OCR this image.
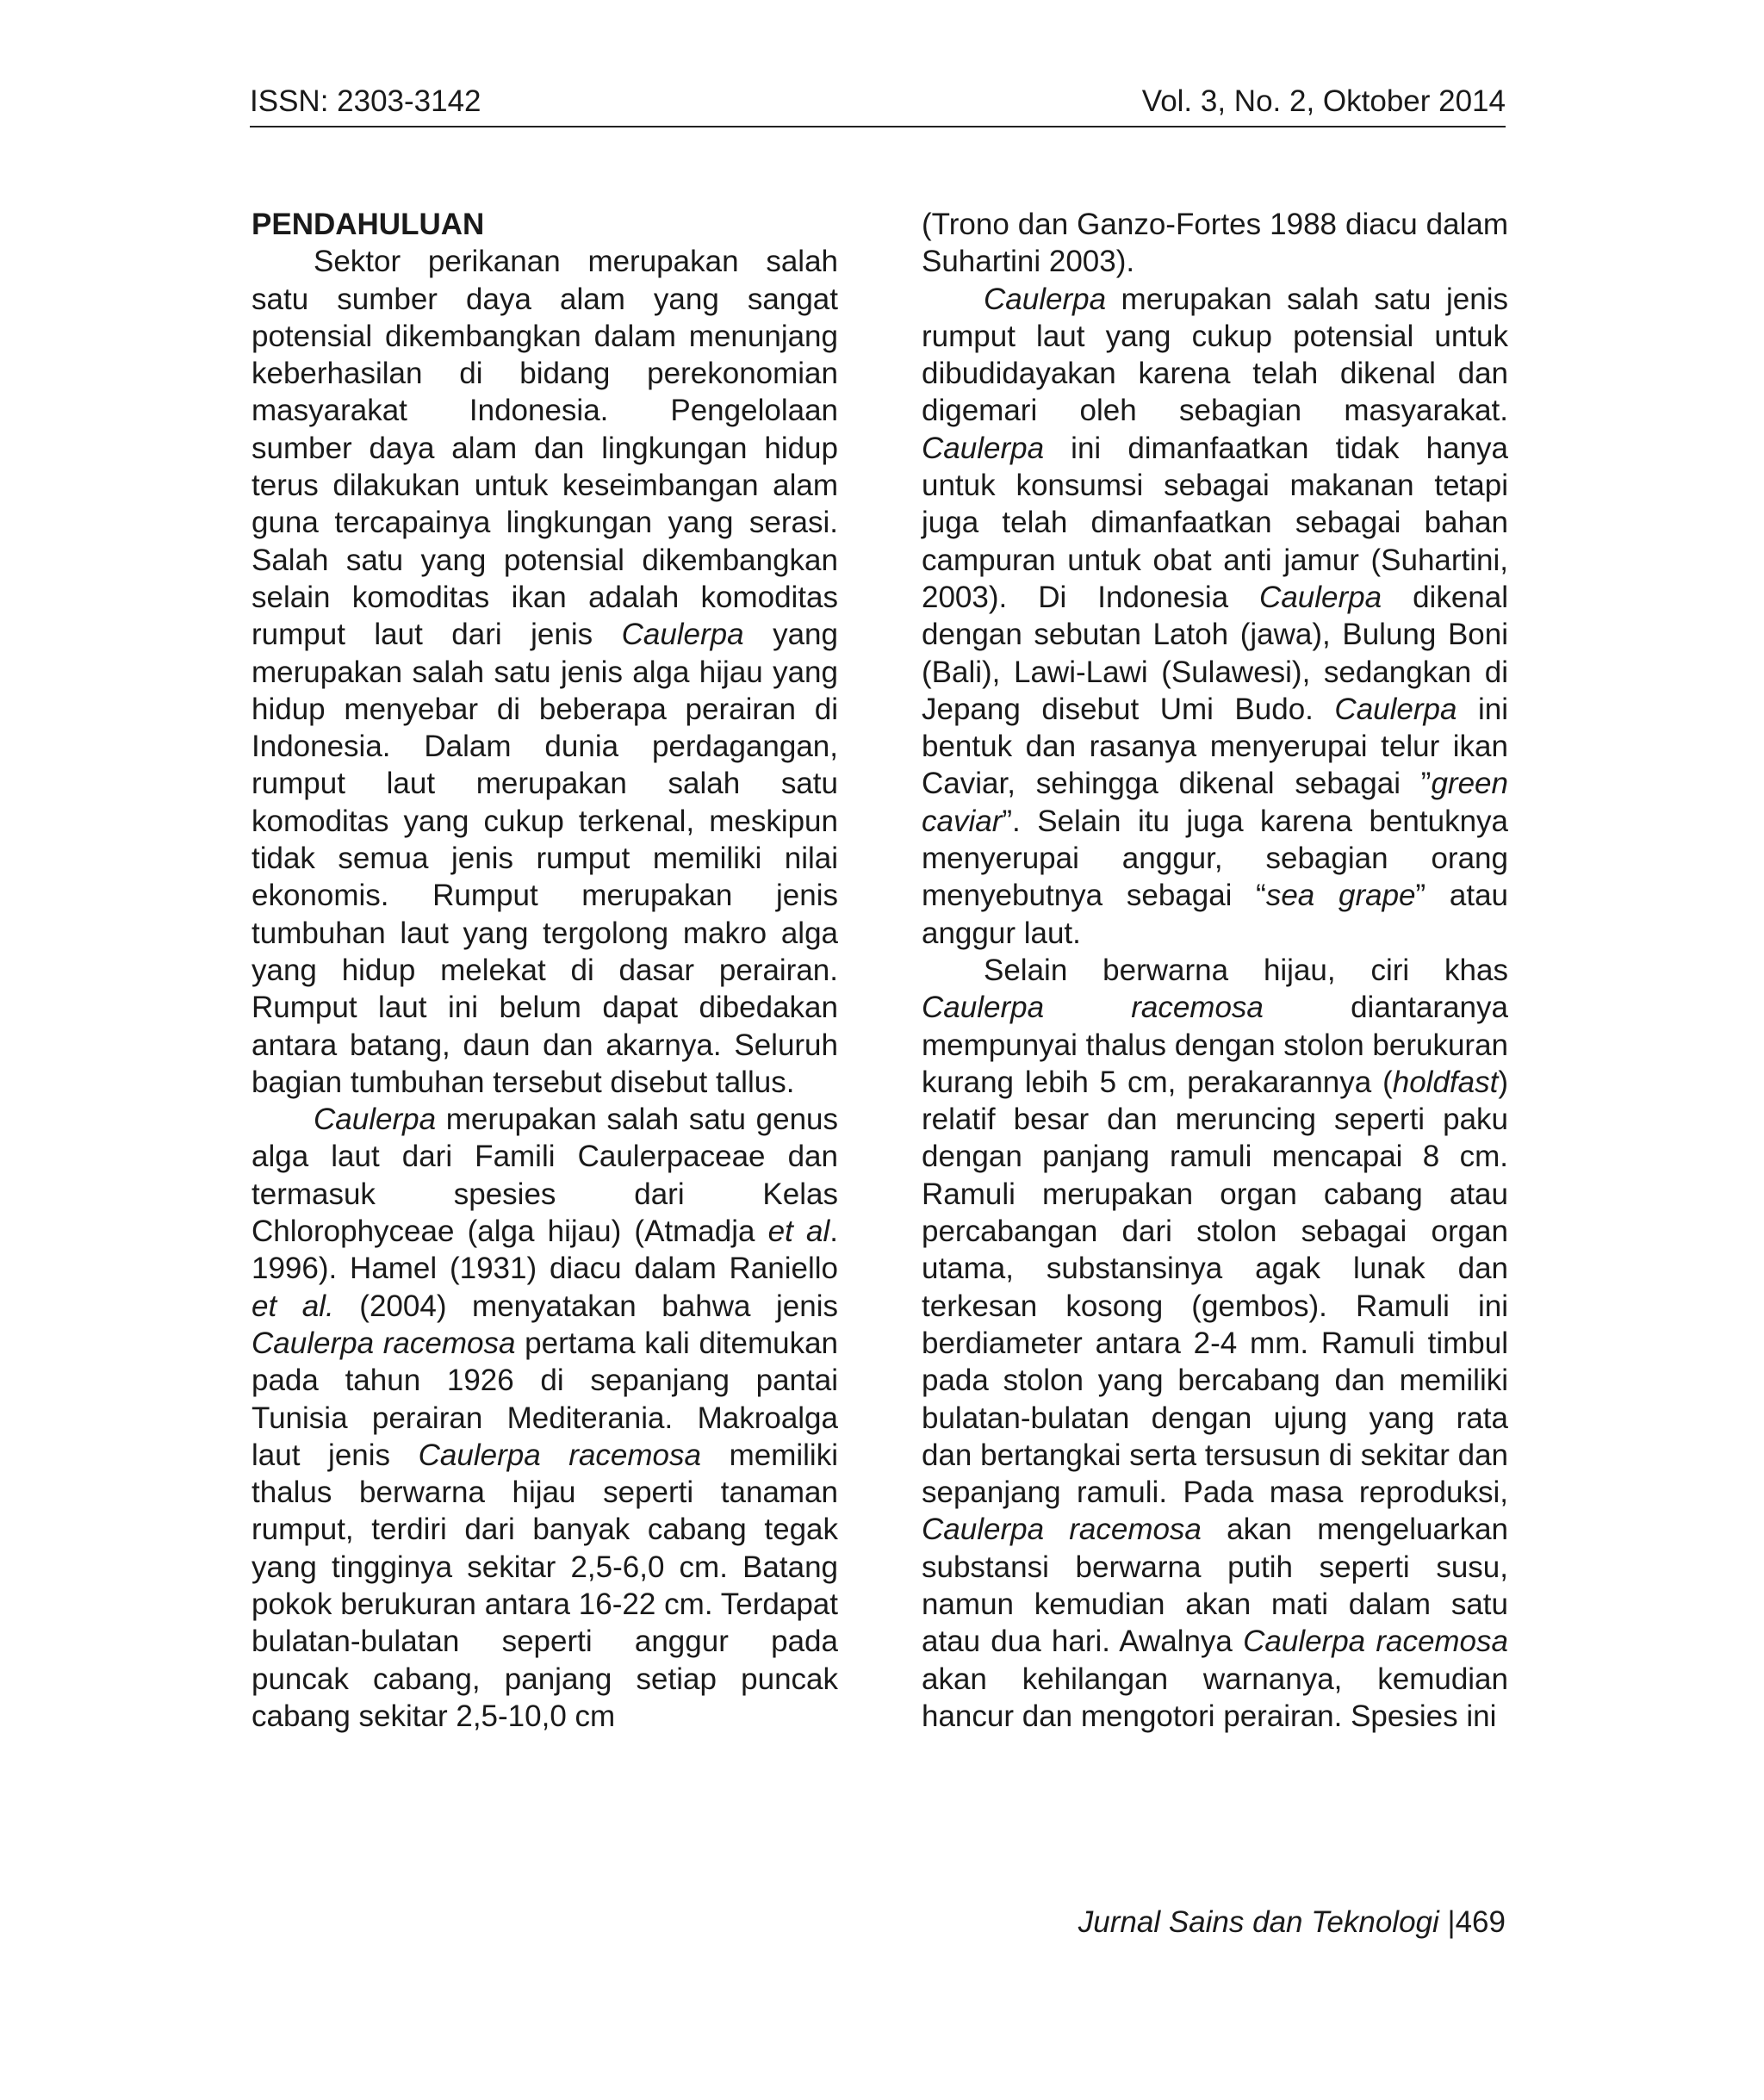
ISSN: 2303-3142	Vol. 3, No. 2, Oktober 2014

PENDAHULUAN

Sektor perikanan merupakan salah satu sumber daya alam yang sangat potensial dikembangkan dalam menunjang keberhasilan di bidang perekonomian masyarakat Indonesia. Pengelolaan sumber daya alam dan lingkungan hidup terus dilakukan untuk keseimbangan alam guna tercapainya lingkungan yang serasi. Salah satu yang potensial dikembangkan selain komoditas ikan adalah komoditas rumput laut dari jenis Caulerpa yang merupakan salah satu jenis alga hijau yang hidup menyebar di beberapa perairan di Indonesia. Dalam dunia perdagangan, rumput laut merupakan salah satu komoditas yang cukup terkenal, meskipun tidak semua jenis rumput memiliki nilai ekonomis. Rumput merupakan jenis tumbuhan laut yang tergolong makro alga yang hidup melekat di dasar perairan. Rumput laut ini belum dapat dibedakan antara batang, daun dan akarnya. Seluruh bagian tumbuhan tersebut disebut tallus.

Caulerpa merupakan salah satu genus alga laut dari Famili Caulerpaceae dan termasuk spesies dari Kelas Chlorophyceae (alga hijau) (Atmadja et al. 1996). Hamel (1931) diacu dalam Raniello et al. (2004) menyatakan bahwa jenis Caulerpa racemosa pertama kali ditemukan pada tahun 1926 di sepanjang pantai Tunisia perairan Mediterania. Makroalga laut jenis Caulerpa racemosa memiliki thalus berwarna hijau seperti tanaman rumput, terdiri dari banyak cabang tegak yang tingginya sekitar 2,5-6,0 cm. Batang pokok berukuran antara 16-22 cm. Terdapat bulatan-bulatan seperti anggur pada puncak cabang, panjang setiap puncak cabang sekitar 2,5-10,0 cm

(Trono dan Ganzo-Fortes 1988 diacu dalam Suhartini 2003).

Caulerpa merupakan salah satu jenis rumput laut yang cukup potensial untuk dibudidayakan karena telah dikenal dan digemari oleh sebagian masyarakat. Caulerpa ini dimanfaatkan tidak hanya untuk konsumsi sebagai makanan tetapi juga telah dimanfaatkan sebagai bahan campuran untuk obat anti jamur (Suhartini, 2003). Di Indonesia Caulerpa dikenal dengan sebutan Latoh (jawa), Bulung Boni (Bali), Lawi-Lawi (Sulawesi), sedangkan di Jepang disebut Umi Budo. Caulerpa ini bentuk dan rasanya menyerupai telur ikan Caviar, sehingga dikenal sebagai ”green caviar”. Selain itu juga karena bentuknya menyerupai anggur, sebagian orang menyebutnya sebagai “sea grape” atau anggur laut.

Selain berwarna hijau, ciri khas Caulerpa racemosa diantaranya mempunyai thalus dengan stolon berukuran kurang lebih 5 cm, perakarannya (holdfast) relatif besar dan meruncing seperti paku dengan panjang ramuli mencapai 8 cm. Ramuli merupakan organ cabang atau percabangan dari stolon sebagai organ utama, substansinya agak lunak dan terkesan kosong (gembos). Ramuli ini berdiameter antara 2-4 mm. Ramuli timbul pada stolon yang bercabang dan memiliki bulatan-bulatan dengan ujung yang rata dan bertangkai serta tersusun di sekitar dan sepanjang ramuli. Pada masa reproduksi, Caulerpa racemosa akan mengeluarkan substansi berwarna putih seperti susu, namun kemudian akan mati dalam satu atau dua hari. Awalnya Caulerpa racemosa akan kehilangan warnanya, kemudian hancur dan mengotori perairan. Spesies ini

Jurnal Sains dan Teknologi |469
